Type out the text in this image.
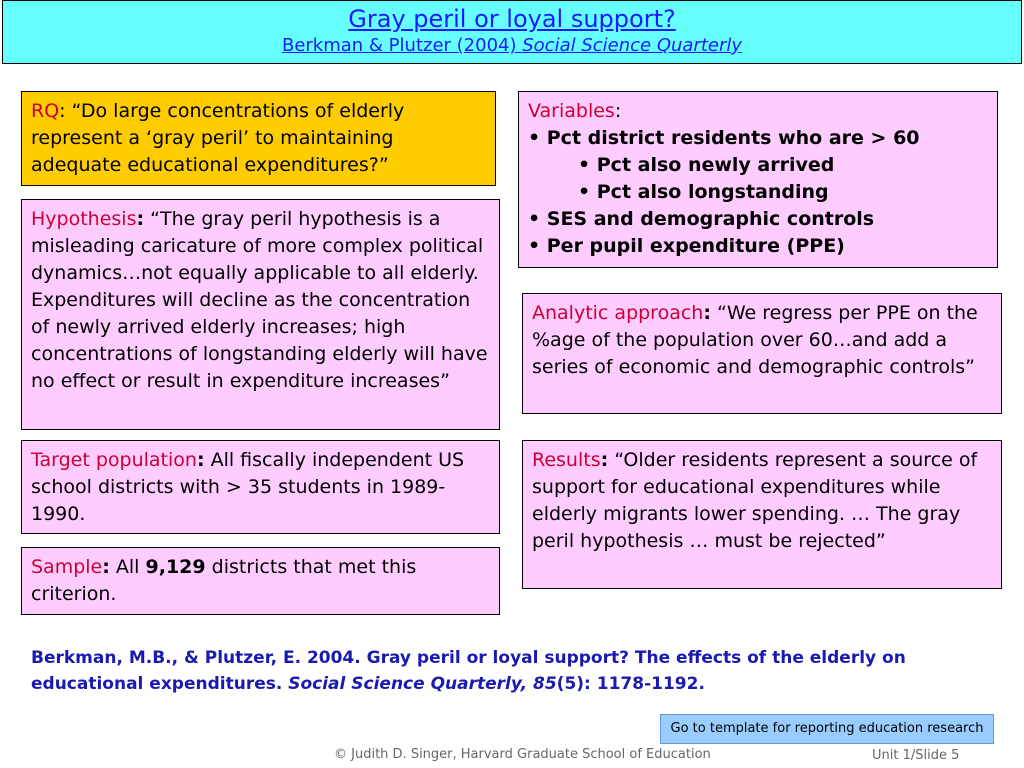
Gray peril or loyal support?
Berkman & Plutzer (2004) Social Science Quarterly
RQ: “Do large concentrations of elderly represent a ‘gray peril’ to maintaining adequate educational expenditures?”
Variables:
• Pct district residents who are > 60
• Pct also newly arrived
• Pct also longstanding
• SES and demographic controls
• Per pupil expenditure (PPE)
Hypothesis: “The gray peril hypothesis is a misleading caricature of more complex political dynamics…not equally applicable to all elderly. Expenditures will decline as the concentration of newly arrived elderly increases; high concentrations of longstanding elderly will have no effect or result in expenditure increases”
Analytic approach: “We regress per PPE on the %age of the population over 60…and add a series of economic and demographic controls”
Target population: All fiscally independent US school districts with > 35 students in 1989-1990.
Results: “Older residents represent a source of support for educational expenditures while elderly migrants lower spending. … The gray peril hypothesis … must be rejected”
Sample: All 9,129 districts that met this criterion.
Berkman, M.B., & Plutzer, E. 2004. Gray peril or loyal support? The effects of the elderly on educational expenditures. Social Science Quarterly, 85(5): 1178-1192.
Go to template for reporting education research
© Judith D. Singer, Harvard Graduate School of Education	Unit 1/Slide 5
